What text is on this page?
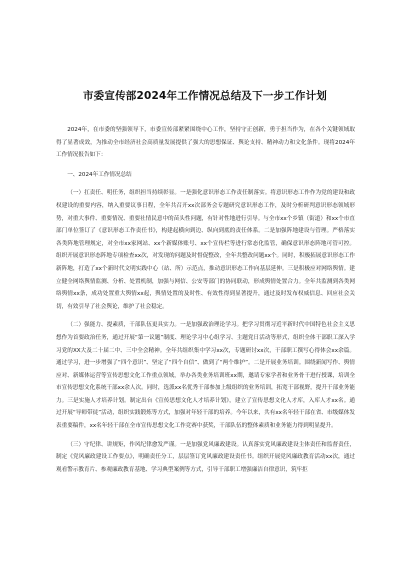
市委宣传部2024年工作情况总结及下一步工作计划

2024年，在市委的坚强领导下，市委宣传部紧紧围绕中心工作，坚持守正创新，勇于担当作为，在各个关键领域取得了显著成效，为推动全市经济社会高质量发展提供了强大的思想保证、舆论支持、精神动力和文化条件。现将2024年工作情况报告如下：

一、2024年工作情况总结

（一）扛责任、明任务，组织担当持续彰显。一是强化意识形态工作责任制落实。将意识形态工作作为党的建设和政权建设的重要内容，纳入重要议事日程，全年共召开xx次部务会专题研究意识形态工作，及时分析研判意识形态领域形势，对重大事件、重要情况、重要社情民意中的苗头性问题，有针对性地进行引导。与全市xx个乡镇（街道）和xx个市直部门单位签订了《意识形态工作责任书》，构建起横向到边、纵向到底的责任体系。二是加强阵地建设与管理。严格落实各类阵地管理规定，对全市xx家网站、xx个新媒体账号、xx个宣传栏等进行常态化监管，确保意识形态阵地可管可控。组织开展意识形态阵地专项检查xx次，对发现的问题及时督促整改，全年共整改问题xx个。同时，积极拓展意识形态工作新阵地，打造了xx个新时代文明实践中心（站、所）示范点，推动意识形态工作向基层延伸。三是积极应对网络舆情。建立健全网络舆情监测、分析、处置机制，加强与网信、公安等部门的协同联动，形成舆情处置合力。全年共监测到各类网络舆情xx条，成功处置重大舆情xx起，舆情处置的及时性、有效性得到显著提升，通过及时发布权威信息、回应社会关切，有效引导了社会舆论，维护了社会稳定。

（二）强能力、提素质，干部队伍更具实力。一是加强政治理论学习。把学习贯彻习近平新时代中国特色社会主义思想作为首要政治任务，通过开展“第一议题”制度、理论学习中心组学习、主题党日活动等形式，组织全体干部职工深入学习党的XX大及二十届二中、三中全会精神。全年共组织集中学习xx次，专题研讨xx次，干部职工撰写心得体会xx余篇。通过学习，进一步增强了“四个意识”、坚定了“四个自信”、做到了“两个维护”。二是开展业务培训。围绕新闻写作、舆情应对、新媒体运营等宣传思想文化工作重点领域，举办各类业务培训班xx期，邀请专家学者和业务骨干进行授课，培训全市宣传思想文化系统干部xx余人次。同时，选派xx名优秀干部参加上级组织的业务培训，拓宽干部视野，提升干部业务能力。三是实施人才培养计划。制定出台《宣传思想文化人才培养计划》，建立了宣传思想文化人才库，入库人才xx名。通过开展“导师带徒”活动，组织实践锻炼等方式，加强对年轻干部的培养。今年以来，共有xx名年轻干部在省、市级媒体发表重要稿件，xx名年轻干部在全市宣传思想文化工作竞赛中获奖，干部队伍的整体素质和业务能力得到明显提升。

（三）守纪律、讲规矩，作风纪律愈发严谨。一是加强党风廉政建设。认真落实党风廉政建设主体责任和监督责任，制定《党风廉政建设工作要点》，明确责任分工，层层签订党风廉政建设责任书。组织开展党风廉政教育活动xx次，通过观看警示教育片、参观廉政教育基地、学习典型案例等方式，引导干部职工增强廉洁自律意识，筑牢拒
